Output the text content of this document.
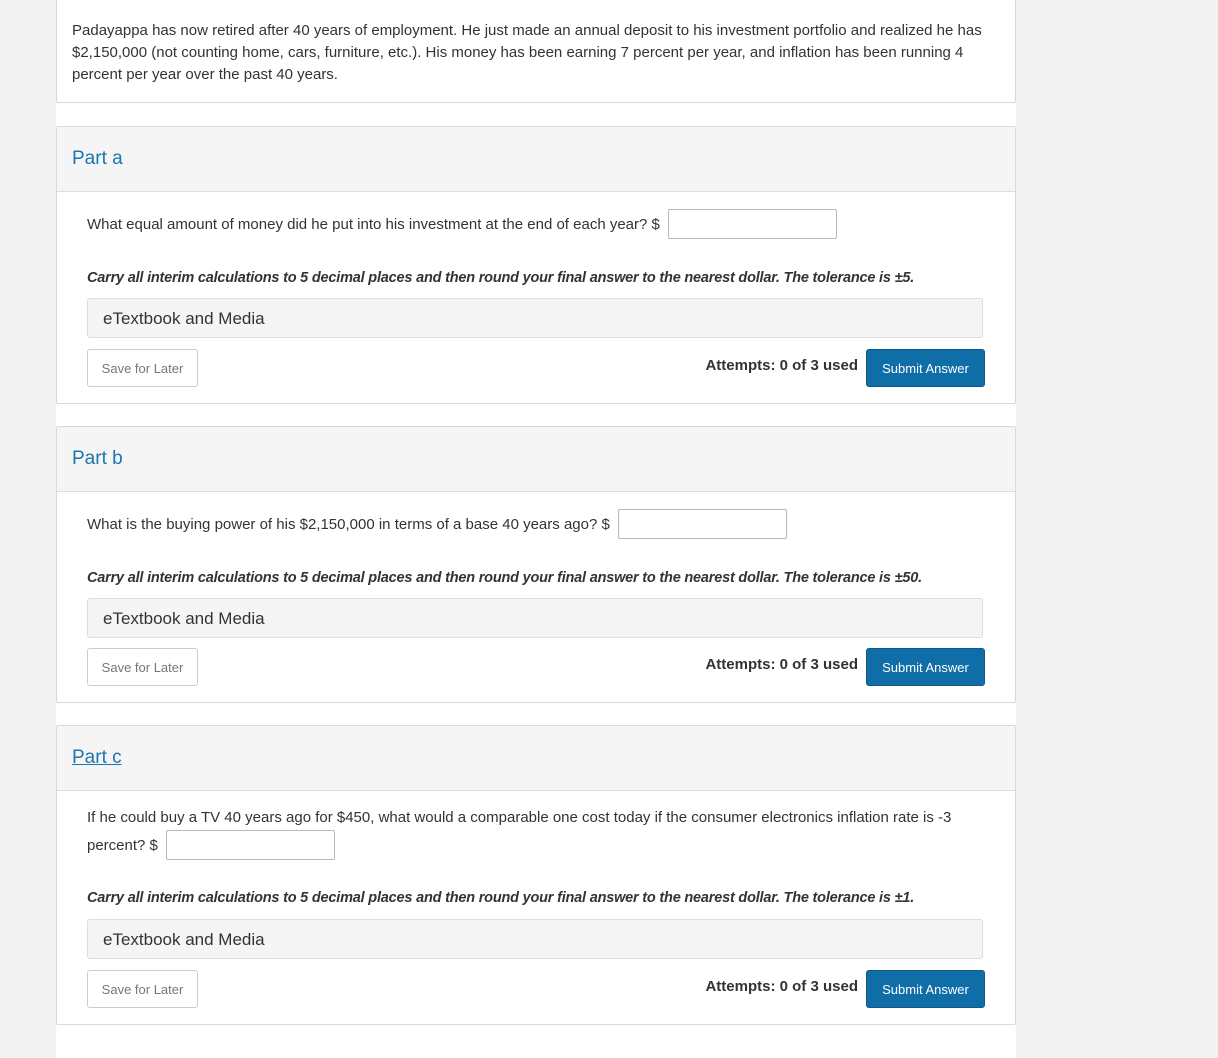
Padayappa has now retired after 40 years of employment. He just made an annual deposit to his investment portfolio and realized he has $2,150,000 (not counting home, cars, furniture, etc.). His money has been earning 7 percent per year, and inflation has been running 4 percent per year over the past 40 years.
Part a
What equal amount of money did he put into his investment at the end of each year? $
Carry all interim calculations to 5 decimal places and then round your final answer to the nearest dollar. The tolerance is ±5.
eTextbook and Media
Save for Later	Attempts: 0 of 3 used	Submit Answer
Part b
What is the buying power of his $2,150,000 in terms of a base 40 years ago? $
Carry all interim calculations to 5 decimal places and then round your final answer to the nearest dollar. The tolerance is ±50.
eTextbook and Media
Save for Later	Attempts: 0 of 3 used	Submit Answer
Part c
If he could buy a TV 40 years ago for $450, what would a comparable one cost today if the consumer electronics inflation rate is -3 percent? $
Carry all interim calculations to 5 decimal places and then round your final answer to the nearest dollar. The tolerance is ±1.
eTextbook and Media
Save for Later	Attempts: 0 of 3 used	Submit Answer
